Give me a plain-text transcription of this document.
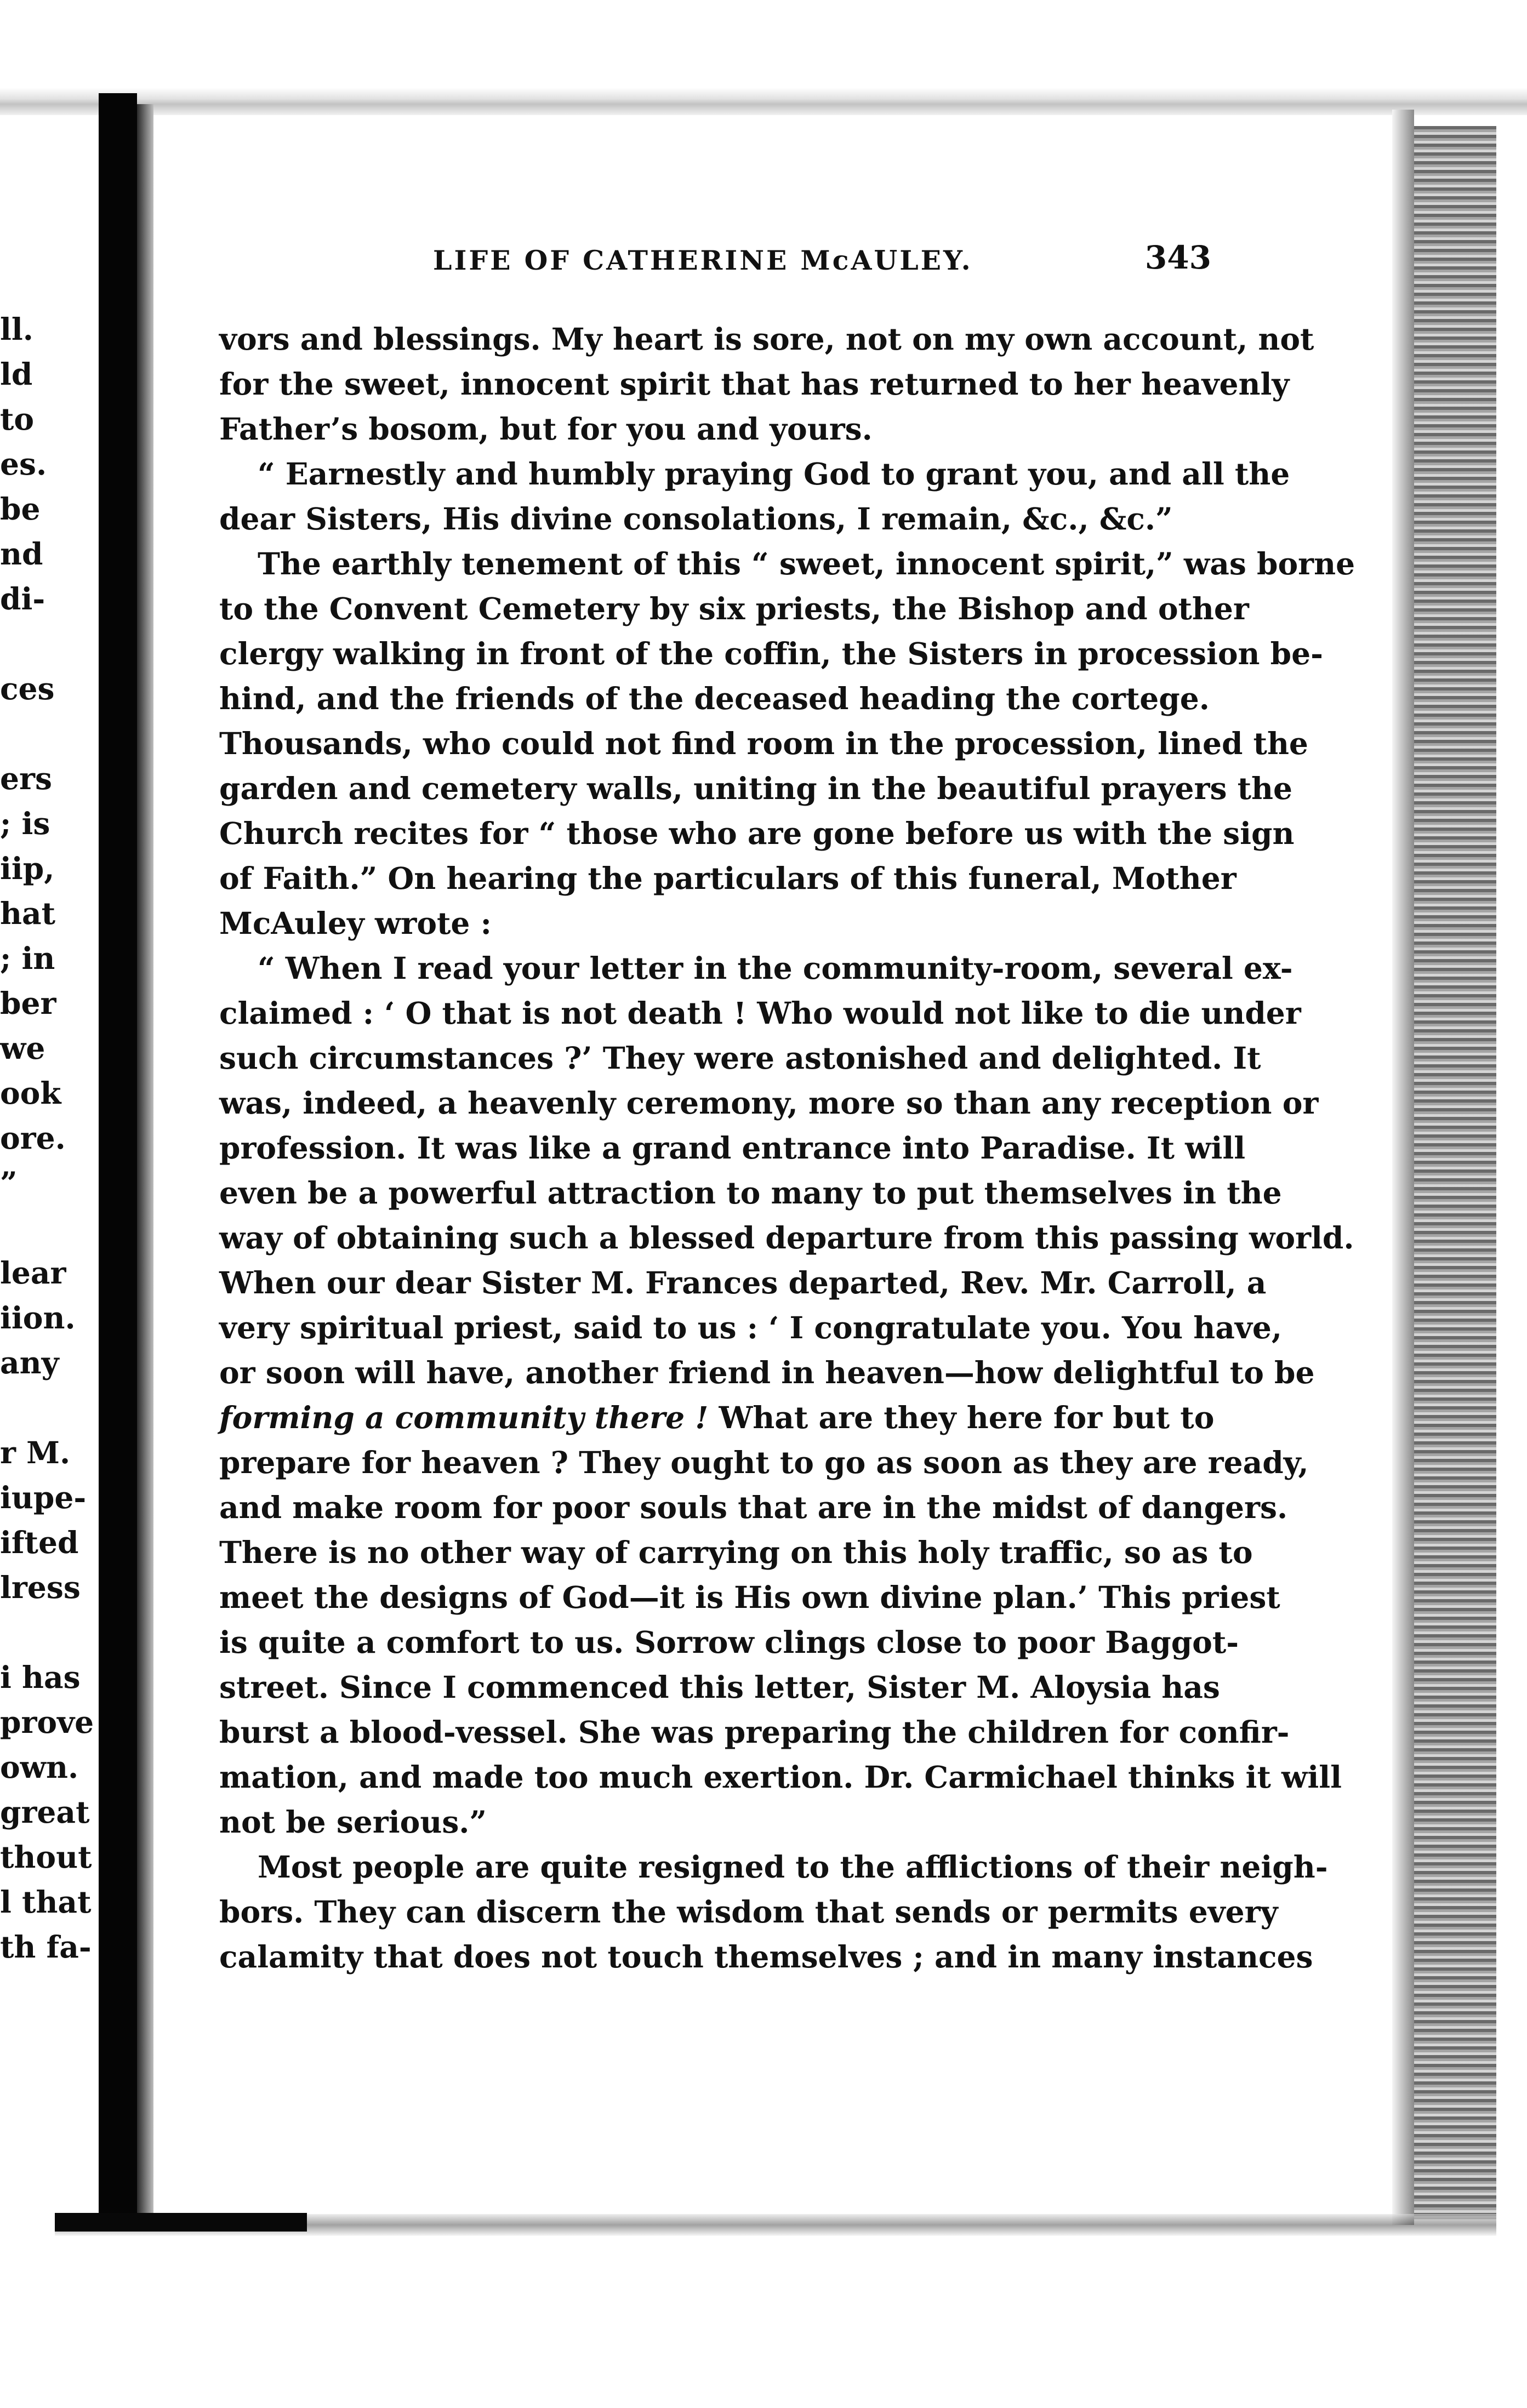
ll.
ld
to
es.
be
nd
di-
ces
ers
; is
iip,
hat
; in
ber
we
ook
ore.
”
lear
iion.
any
r M.
iupe-
ifted
lress
i has
prove
own.
great
thout
l that
th fa-
LIFE OF CATHERINE McAULEY.	343
vors and blessings. My heart is sore, not on my own account, not
for the sweet, innocent spirit that has returned to her heavenly
Father’s bosom, but for you and yours.
“ Earnestly and humbly praying God to grant you, and all the
dear Sisters, His divine consolations, I remain, &c., &c.”
The earthly tenement of this “ sweet, innocent spirit,” was borne
to the Convent Cemetery by six priests, the Bishop and other
clergy walking in front of the coffin, the Sisters in procession be-
hind, and the friends of the deceased heading the cortege.
Thousands, who could not find room in the procession, lined the
garden and cemetery walls, uniting in the beautiful prayers the
Church recites for “ those who are gone before us with the sign
of Faith.” On hearing the particulars of this funeral, Mother
McAuley wrote :
“ When I read your letter in the community-room, several ex-
claimed : ‘ O that is not death ! Who would not like to die under
such circumstances ?’ They were astonished and delighted. It
was, indeed, a heavenly ceremony, more so than any reception or
profession. It was like a grand entrance into Paradise. It will
even be a powerful attraction to many to put themselves in the
way of obtaining such a blessed departure from this passing world.
When our dear Sister M. Frances departed, Rev. Mr. Carroll, a
very spiritual priest, said to us : ‘ I congratulate you. You have,
or soon will have, another friend in heaven—how delightful to be
forming a community there ! What are they here for but to
prepare for heaven ? They ought to go as soon as they are ready,
and make room for poor souls that are in the midst of dangers.
There is no other way of carrying on this holy traffic, so as to
meet the designs of God—it is His own divine plan.’ This priest
is quite a comfort to us. Sorrow clings close to poor Baggot-
street. Since I commenced this letter, Sister M. Aloysia has
burst a blood-vessel. She was preparing the children for confir-
mation, and made too much exertion. Dr. Carmichael thinks it will
not be serious.”
Most people are quite resigned to the afflictions of their neigh-
bors. They can discern the wisdom that sends or permits every
calamity that does not touch themselves ; and in many instances
